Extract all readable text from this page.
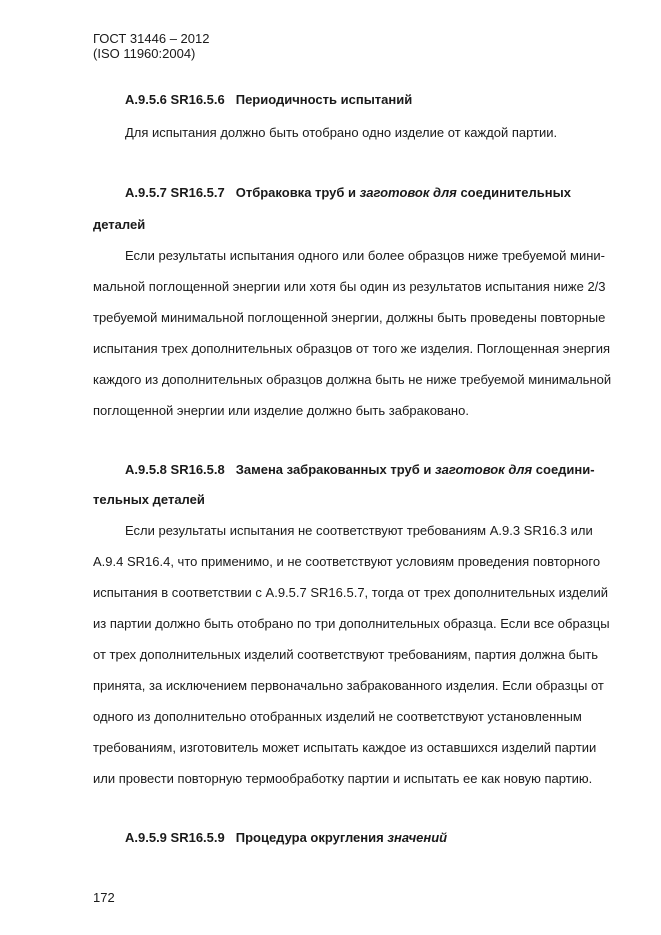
ГОСТ 31446 – 2012
(ISO 11960:2004)
A.9.5.6 SR16.5.6 Периодичность испытаний
Для испытания должно быть отобрано одно изделие от каждой партии.
A.9.5.7 SR16.5.7 Отбраковка труб и заготовок для соединительных
деталей
Если результаты испытания одного или более образцов ниже требуемой мини-
мальной поглощенной энергии или хотя бы один из результатов испытания ниже 2/3
требуемой минимальной поглощенной энергии, должны быть проведены повторные
испытания трех дополнительных образцов от того же изделия. Поглощенная энергия
каждого из дополнительных образцов должна быть не ниже требуемой минимальной
поглощенной энергии или изделие должно быть забраковано.
A.9.5.8 SR16.5.8 Замена забракованных труб и заготовок для соедини-
тельных деталей
Если результаты испытания не соответствуют требованиям A.9.3 SR16.3 или
A.9.4 SR16.4, что применимо, и не соответствуют условиям проведения повторного
испытания в соответствии с A.9.5.7 SR16.5.7, тогда от трех дополнительных изделий
из партии должно быть отобрано по три дополнительных образца. Если все образцы
от трех дополнительных изделий соответствуют требованиям, партия должна быть
принята, за исключением первоначально забракованного изделия. Если образцы от
одного из дополнительно отобранных изделий не соответствуют установленным
требованиям, изготовитель может испытать каждое из оставшихся изделий партии
или провести повторную термообработку партии и испытать ее как новую партию.
A.9.5.9 SR16.5.9 Процедура округления значений
172
